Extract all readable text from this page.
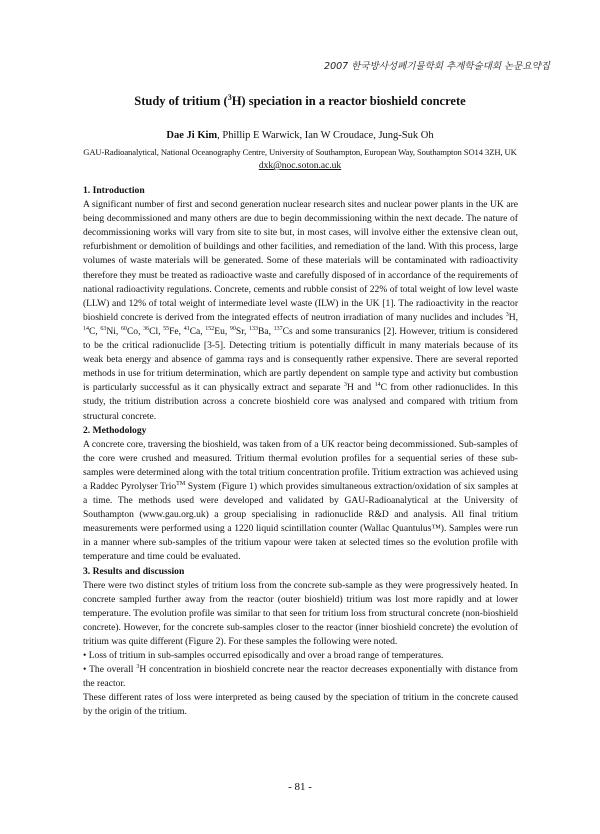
2007 한국방사성폐기물학회 추계학술대회 논문요약집
Study of tritium ($^3$H) speciation in a reactor bioshield concrete
Dae Ji Kim, Phillip E Warwick, Ian W Croudace, Jung-Suk Oh
GAU-Radioanalytical, National Oceanography Centre, University of Southampton, European Way, Southampton SO14 3ZH, UK
dxk@noc.soton.ac.uk
1. Introduction

A significant number of first and second generation nuclear research sites and nuclear power plants in the UK are being decommissioned and many others are due to begin decommissioning within the next decade. The nature of decommissioning works will vary from site to site but, in most cases, will involve either the extensive clean out, refurbishment or demolition of buildings and other facilities, and remediation of the land. With this process, large volumes of waste materials will be generated. Some of these materials will be contaminated with radioactivity therefore they must be treated as radioactive waste and carefully disposed of in accordance of the requirements of national radioactivity regulations. Concrete, cements and rubble consist of 22% of total weight of low level waste (LLW) and 12% of total weight of intermediate level waste (ILW) in the UK [1]. The radioactivity in the reactor bioshield concrete is derived from the integrated effects of neutron irradiation of many nuclides and includes $^3$H, $^{14}$C, $^{63}$Ni, $^{60}$Co, $^{36}$Cl, $^{55}$Fe, $^{41}$Ca, $^{152}$Eu, $^{90}$Sr, $^{133}$Ba, $^{137}$Cs and some transuranics [2]. However, tritium is considered to be the critical radionuclide [3-5]. Detecting tritium is potentially difficult in many materials because of its weak beta energy and absence of gamma rays and is consequently rather expensive. There are several reported methods in use for tritium determination, which are partly dependent on sample type and activity but combustion is particularly successful as it can physically extract and separate $^3$H and $^{14}$C from other radionuclides. In this study, the tritium distribution across a concrete bioshield core was analysed and compared with tritium from structural concrete.

2. Methodology

A concrete core, traversing the bioshield, was taken from of a UK reactor being decommissioned. Sub-samples of the core were crushed and measured. Tritium thermal evolution profiles for a sequential series of these sub-samples were determined along with the total tritium concentration profile. Tritium extraction was achieved using a Raddec Pyrolyser Trio™ System (Figure 1) which provides simultaneous extraction/oxidation of six samples at a time. The methods used were developed and validated by GAU-Radioanalytical at the University of Southampton (www.gau.org.uk) a group specialising in radionuclide R&D and analysis. All final tritium measurements were performed using a 1220 liquid scintillation counter (Wallac Quantulus™). Samples were run in a manner where sub-samples of the tritium vapour were taken at selected times so the evolution profile with temperature and time could be evaluated.

3. Results and discussion

There were two distinct styles of tritium loss from the concrete sub-sample as they were progressively heated. In concrete sampled further away from the reactor (outer bioshield) tritium was lost more rapidly and at lower temperature. The evolution profile was similar to that seen for tritium loss from structural concrete (non-bioshield concrete). However, for the concrete sub-samples closer to the reactor (inner bioshield concrete) the evolution of tritium was quite different (Figure 2). For these samples the following were noted.

• Loss of tritium in sub-samples occurred episodically and over a broad range of temperatures.

• The overall $^3$H concentration in bioshield concrete near the reactor decreases exponentially with distance from the reactor.

These different rates of loss were interpreted as being caused by the speciation of tritium in the concrete caused by the origin of the tritium.

- 81 -
